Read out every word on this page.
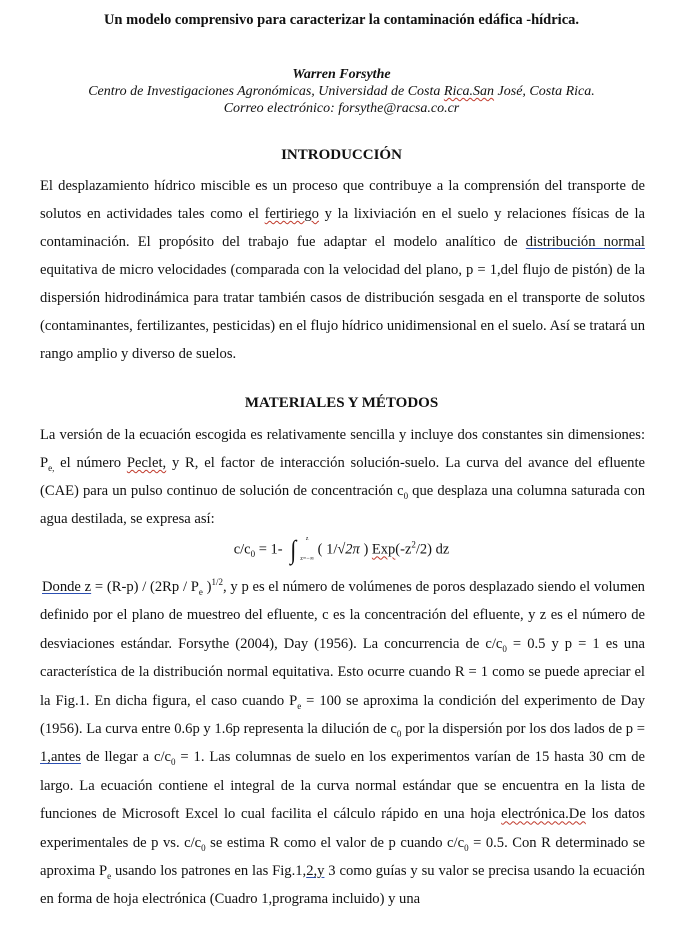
Un modelo comprensivo para caracterizar la contaminación edáfica -hídrica.
Warren Forsythe
Centro de Investigaciones Agronómicas, Universidad de Costa Rica.San José, Costa Rica.
Correo electrónico: forsythe@racsa.co.cr
INTRODUCCIÓN
El desplazamiento hídrico miscible es un proceso que contribuye a la comprensión del transporte de solutos en actividades tales como el fertiriego y la lixiviación en el suelo y relaciones físicas de la contaminación. El propósito del trabajo fue adaptar el modelo analítico de distribución normal equitativa de micro velocidades (comparada con la velocidad del plano, p = 1,del flujo de pistón) de la dispersión hidrodinámica para tratar también casos de distribución sesgada en el transporte de solutos (contaminantes, fertilizantes, pesticidas) en el flujo hídrico unidimensional en el suelo. Así se tratará un rango amplio y diverso de suelos.
MATERIALES Y MÉTODOS
La versión de la ecuación escogida es relativamente sencilla y incluye dos constantes sin dimensiones: $P_{e,}$ el número Peclet, y R, el factor de interacción solución-suelo. La curva del avance del efluente (CAE) para un pulso continuo de solución de concentración $c_0$ que desplaza una columna saturada con agua destilada, se expresa así:
$c/c_0 = 1-$ ∫	z
z=−∞
( 1/√2π ) $Exp(-z^2/2)$ dz
Donde $z = (R-p) / (2Rp / P_e$ )$^{1/2}$, y p es el número de volúmenes de poros desplazado siendo el volumen definido por el plano de muestreo del efluente, c es la concentración del efluente, y z es el número de desviaciones estándar. Forsythe (2004), Day (1956). La concurrencia de $c/c_0 = 0.5$ y p = 1 es una característica de la distribución normal equitativa. Esto ocurre cuando R = 1 como se puede apreciar el la Fig.1. En dicha figura, el caso cuando $P_e = 100$ se aproxima la condición del experimento de Day (1956). La curva entre 0.6p y 1.6p representa la dilución de $c_0$ por la dispersión por los dos lados de p = 1,antes de llegar a $c/c_0 = 1$. Las columnas de suelo en los experimentos varían de 15 hasta 30 cm de largo. La ecuación contiene el integral de la curva normal estándar que se encuentra en la lista de funciones de Microsoft Excel lo cual facilita el cálculo rápido en una hoja electrónica.De los datos experimentales de p vs. $c/c_0$ se estima R como el valor de p cuando $c/c_0 = 0.5$. Con R determinado se aproxima $P_e$ usando los patrones en las Fig.1,2,y 3 como guías y su valor se precisa usando la ecuación en forma de hoja electrónica (Cuadro 1,programa incluido) y una
